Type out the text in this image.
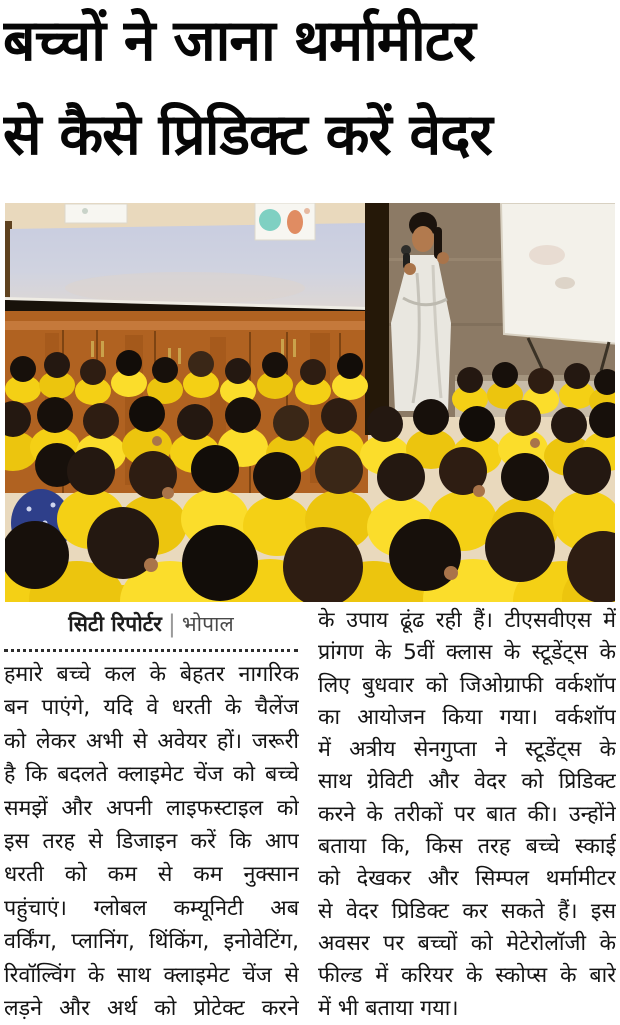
बच्चों ने जाना थर्मामीटर
से कैसे प्रिडिक्ट करें वेदर
सिटी रिपोर्टर | भोपाल
हमारे बच्चे कल के बेहतर नागरिक
बन पाएंगे, यदि वे धरती के चैलेंज
को लेकर अभी से अवेयर हों। जरूरी
है कि बदलते क्लाइमेट चेंज को बच्चे
समझें और अपनी लाइफस्टाइल को
इस तरह से डिजाइन करें कि आप
धरती को कम से कम नुक्सान
पहुंचाएं। ग्लोबल कम्यूनिटी अब
वर्किंग, प्लानिंग, थिंकिंग, इनोवेटिंग,
रिवॉल्विंग के साथ क्लाइमेट चेंज से
लड़ने और अर्थ को प्रोटेक्ट करने
के उपाय ढूंढ रही हैं। टीएसवीएस में
प्रांगण के 5वीं क्लास के स्टूडेंट्स के
लिए बुधवार को जिओग्राफी वर्कशॉप
का आयोजन किया गया। वर्कशॉप
में अत्रीय सेनगुप्ता ने स्टूडेंट्स के
साथ ग्रेविटी और वेदर को प्रिडिक्ट
करने के तरीकों पर बात की। उन्होंने
बताया कि, किस तरह बच्चे स्काई
को देखकर और सिम्पल थर्मामीटर
से वेदर प्रिडिक्ट कर सकते हैं। इस
अवसर पर बच्चों को मेटेरोलॉजी के
फील्ड में करियर के स्कोप्स के बारे
में भी बताया गया।
